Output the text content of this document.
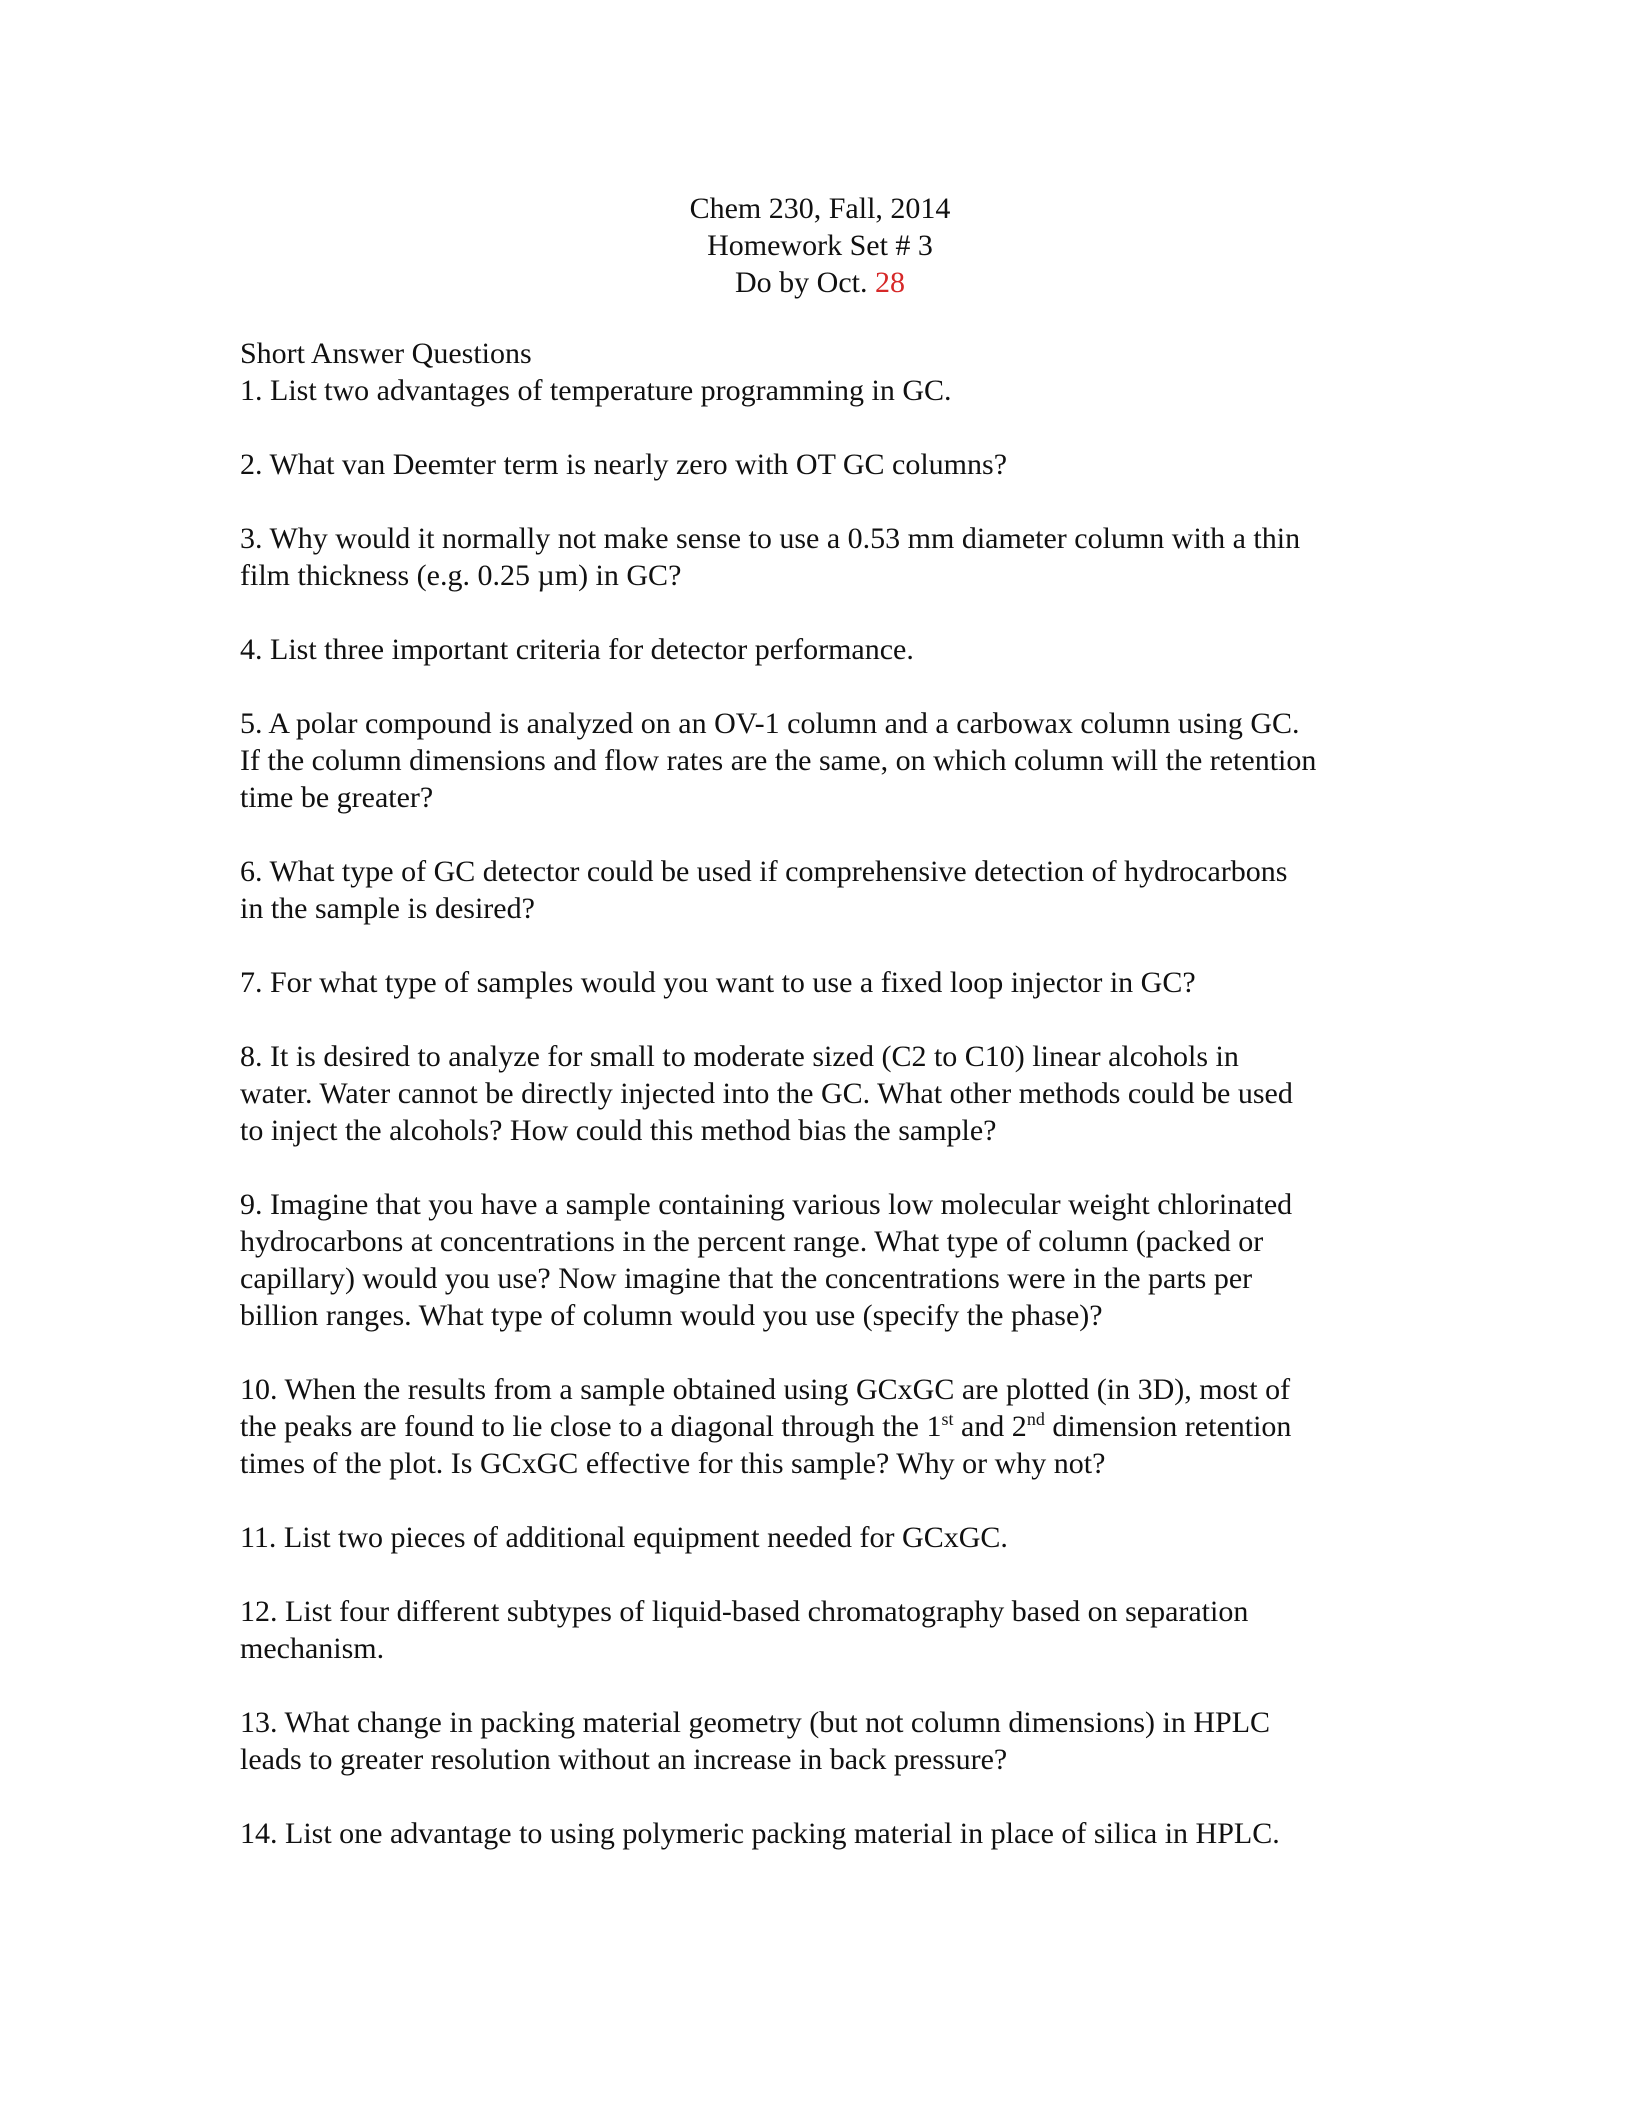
Chem 230, Fall, 2014
Homework Set # 3
Do by Oct. 28
Short Answer Questions
1. List two advantages of temperature programming in GC.
2. What van Deemter term is nearly zero with OT GC columns?
3. Why would it normally not make sense to use a 0.53 mm diameter column with a thin
film thickness (e.g. 0.25 µm) in GC?
4. List three important criteria for detector performance.
5. A polar compound is analyzed on an OV-1 column and a carbowax column using GC.
If the column dimensions and flow rates are the same, on which column will the retention
time be greater?
6. What type of GC detector could be used if comprehensive detection of hydrocarbons
in the sample is desired?
7. For what type of samples would you want to use a fixed loop injector in GC?
8. It is desired to analyze for small to moderate sized (C2 to C10) linear alcohols in
water. Water cannot be directly injected into the GC. What other methods could be used
to inject the alcohols? How could this method bias the sample?
9. Imagine that you have a sample containing various low molecular weight chlorinated
hydrocarbons at concentrations in the percent range. What type of column (packed or
capillary) would you use? Now imagine that the concentrations were in the parts per
billion ranges. What type of column would you use (specify the phase)?
10. When the results from a sample obtained using GCxGC are plotted (in 3D), most of
the peaks are found to lie close to a diagonal through the 1st and 2nd dimension retention
times of the plot. Is GCxGC effective for this sample? Why or why not?
11. List two pieces of additional equipment needed for GCxGC.
12. List four different subtypes of liquid-based chromatography based on separation
mechanism.
13. What change in packing material geometry (but not column dimensions) in HPLC
leads to greater resolution without an increase in back pressure?
14. List one advantage to using polymeric packing material in place of silica in HPLC.
